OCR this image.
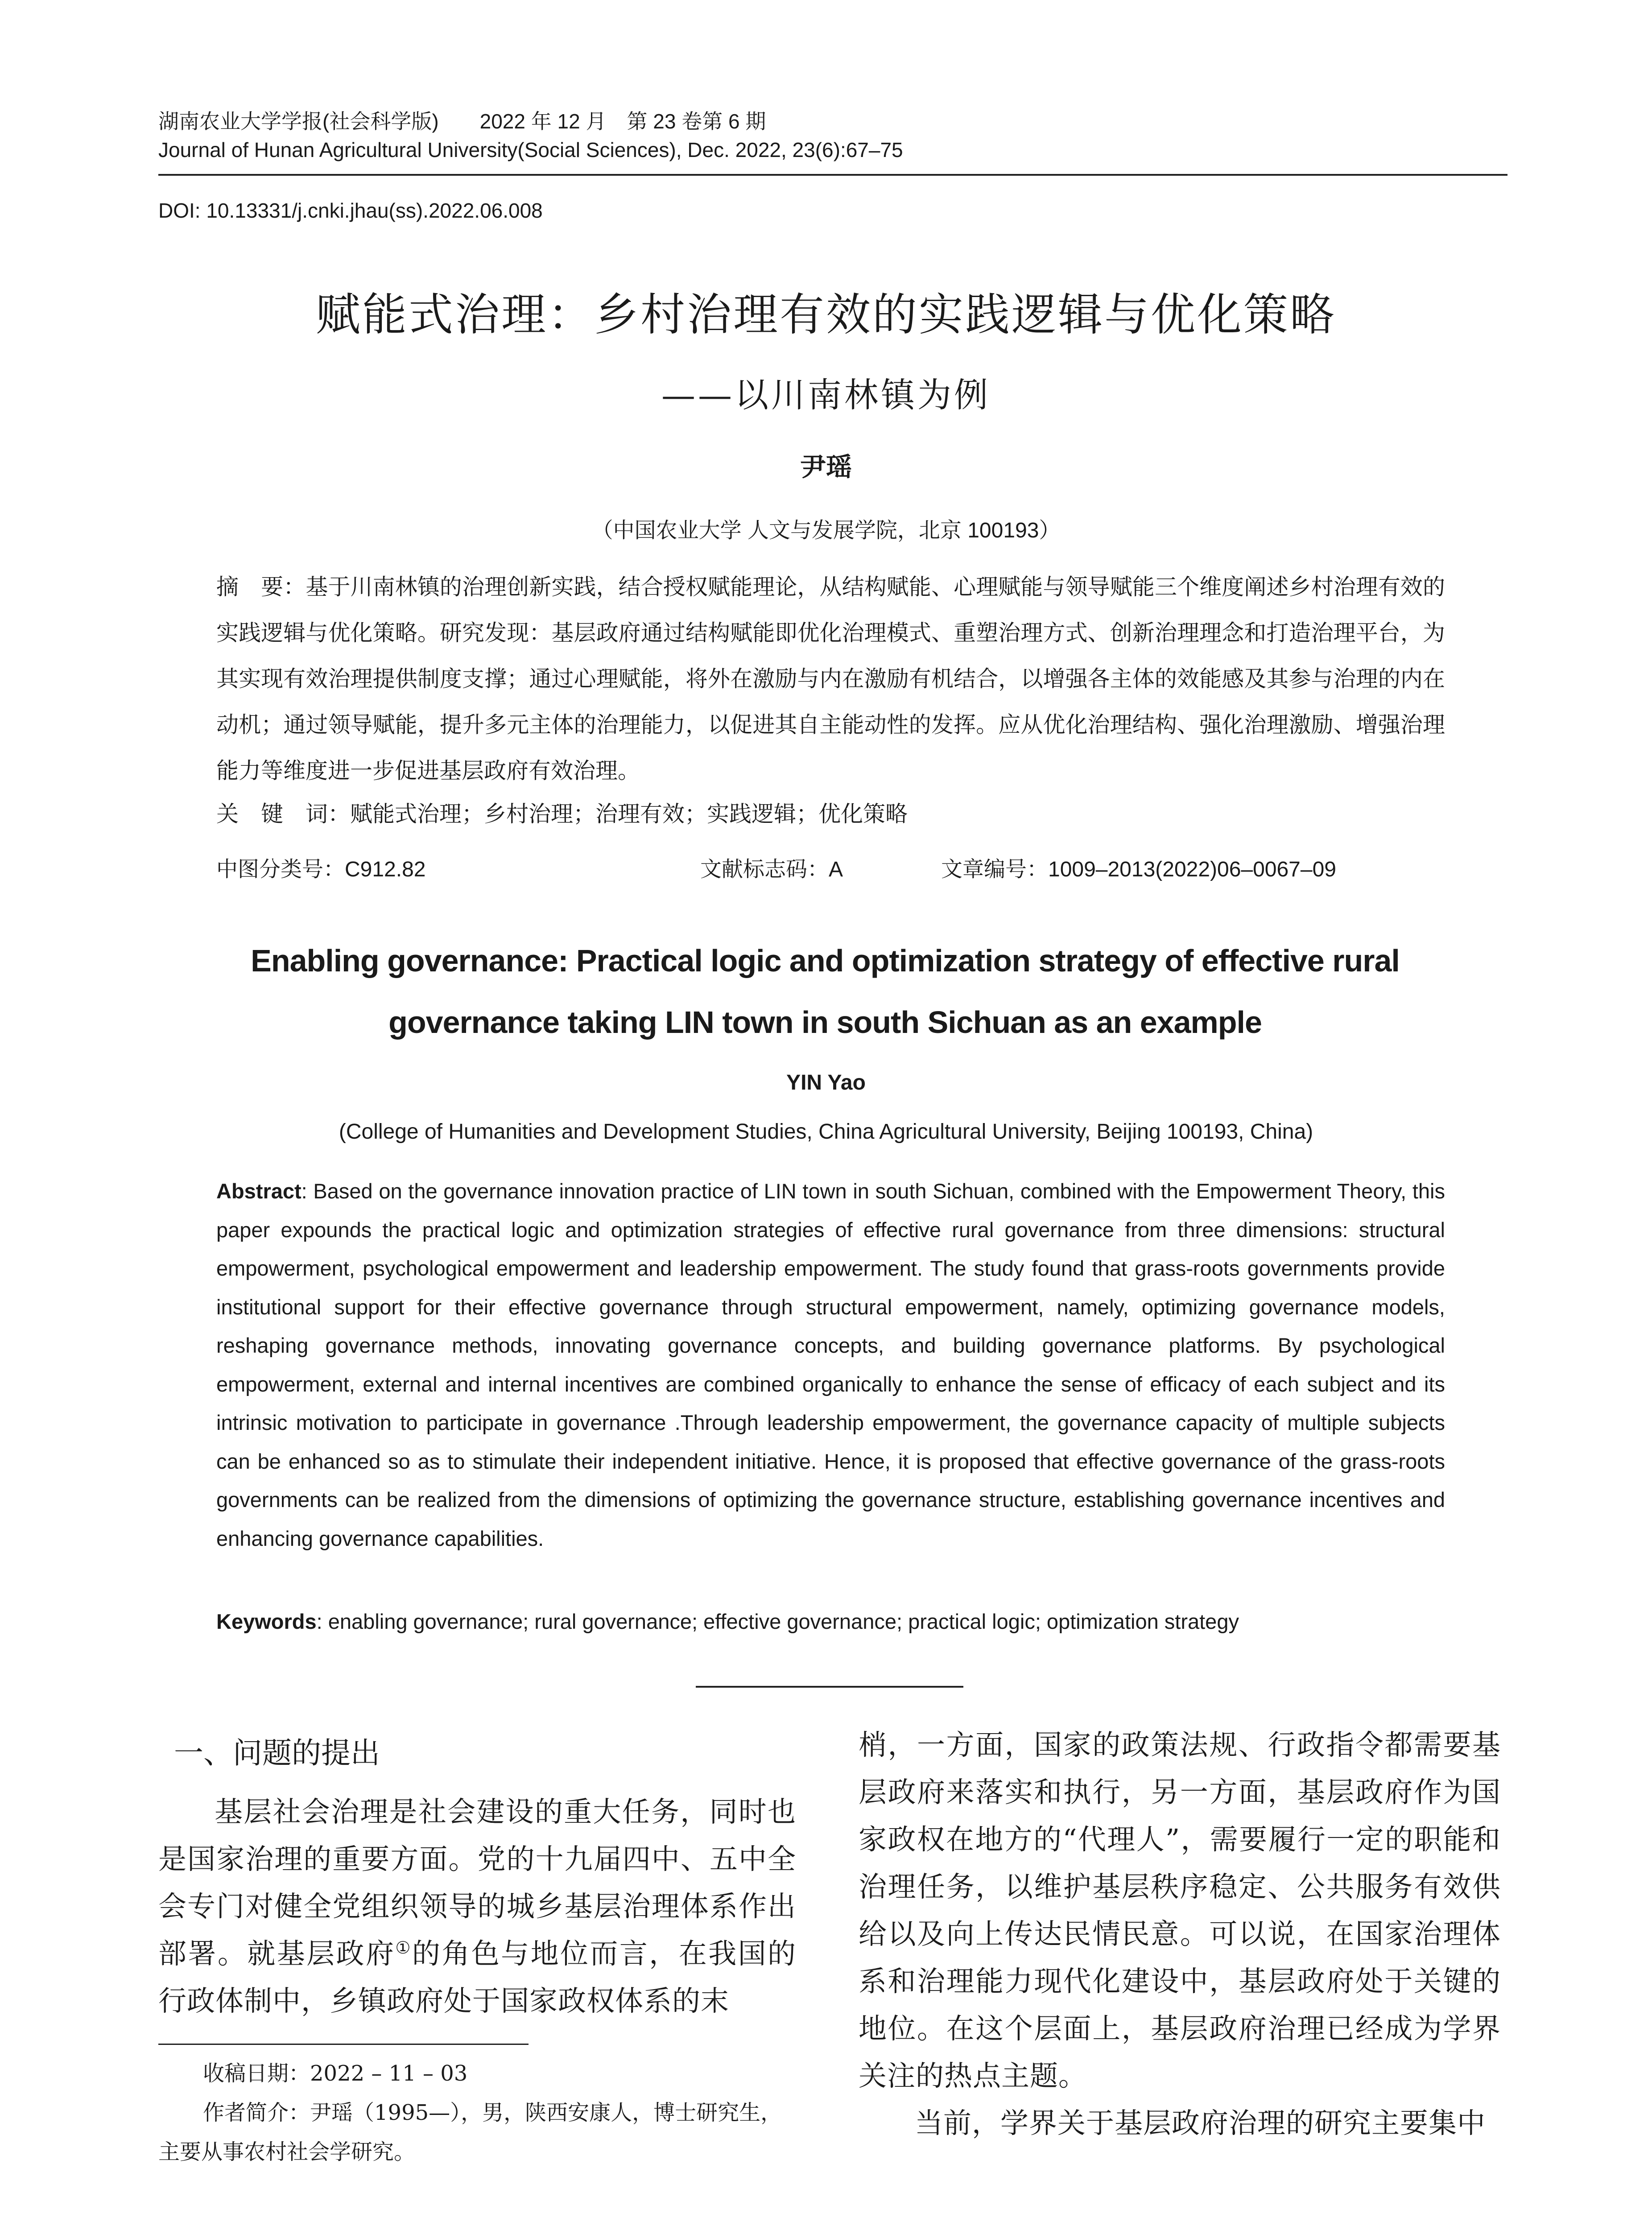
湖南农业大学学报(社会科学版)　　2022 年 12 月　第 23 卷第 6 期
Journal of Hunan Agricultural University(Social Sciences), Dec. 2022, 23(6):67–75
DOI: 10.13331/j.cnki.jhau(ss).2022.06.008
赋能式治理：乡村治理有效的实践逻辑与优化策略
——以川南林镇为例
尹瑶
（中国农业大学 人文与发展学院，北京 100193）
摘　要：基于川南林镇的治理创新实践，结合授权赋能理论，从结构赋能、心理赋能与领导赋能三个维度阐述乡村治理有效的实践逻辑与优化策略。研究发现：基层政府通过结构赋能即优化治理模式、重塑治理方式、创新治理理念和打造治理平台，为其实现有效治理提供制度支撑；通过心理赋能，将外在激励与内在激励有机结合，以增强各主体的效能感及其参与治理的内在动机；通过领导赋能，提升多元主体的治理能力，以促进其自主能动性的发挥。应从优化治理结构、强化治理激励、增强治理能力等维度进一步促进基层政府有效治理。
关　键　词：赋能式治理；乡村治理；治理有效；实践逻辑；优化策略
中图分类号：C912.82	文献标志码：A	文章编号：1009–2013(2022)06–0067–09
Enabling governance: Practical logic and optimization strategy of effective rural
governance taking LIN town in south Sichuan as an example
YIN Yao
(College of Humanities and Development Studies, China Agricultural University, Beijing 100193, China)
Abstract: Based on the governance innovation practice of LIN town in south Sichuan, combined with the Empowerment Theory, this paper expounds the practical logic and optimization strategies of effective rural governance from three dimensions: structural empowerment, psychological empowerment and leadership empowerment. The study found that grass-roots governments provide institutional support for their effective governance through structural empowerment, namely, optimizing governance models, reshaping governance methods, innovating governance concepts, and building governance platforms. By psychological empowerment, external and internal incentives are combined organically to enhance the sense of efficacy of each subject and its intrinsic motivation to participate in governance .Through leadership empowerment, the governance capacity of multiple subjects can be enhanced so as to stimulate their independent initiative. Hence, it is proposed that effective governance of the grass-roots governments can be realized from the dimensions of optimizing the governance structure, establishing governance incentives and enhancing governance capabilities.
Keywords: enabling governance; rural governance; effective governance; practical logic; optimization strategy
一、问题的提出

基层社会治理是社会建设的重大任务，同时也是国家治理的重要方面。党的十九届四中、五中全会专门对健全党组织领导的城乡基层治理体系作出部署。就基层政府①的角色与地位而言，在我国的行政体制中，乡镇政府处于国家政权体系的末

梢，一方面，国家的政策法规、行政指令都需要基层政府来落实和执行，另一方面，基层政府作为国家政权在地方的“代理人”，需要履行一定的职能和治理任务，以维护基层秩序稳定、公共服务有效供给以及向上传达民情民意。可以说，在国家治理体系和治理能力现代化建设中，基层政府处于关键的地位。在这个层面上，基层政府治理已经成为学界关注的热点主题。

当前，学界关于基层政府治理的研究主要集中

收稿日期：2022 – 11 – 03

作者简介：尹瑶（1995—），男，陕西安康人，博士研究生，主要从事农村社会学研究。
